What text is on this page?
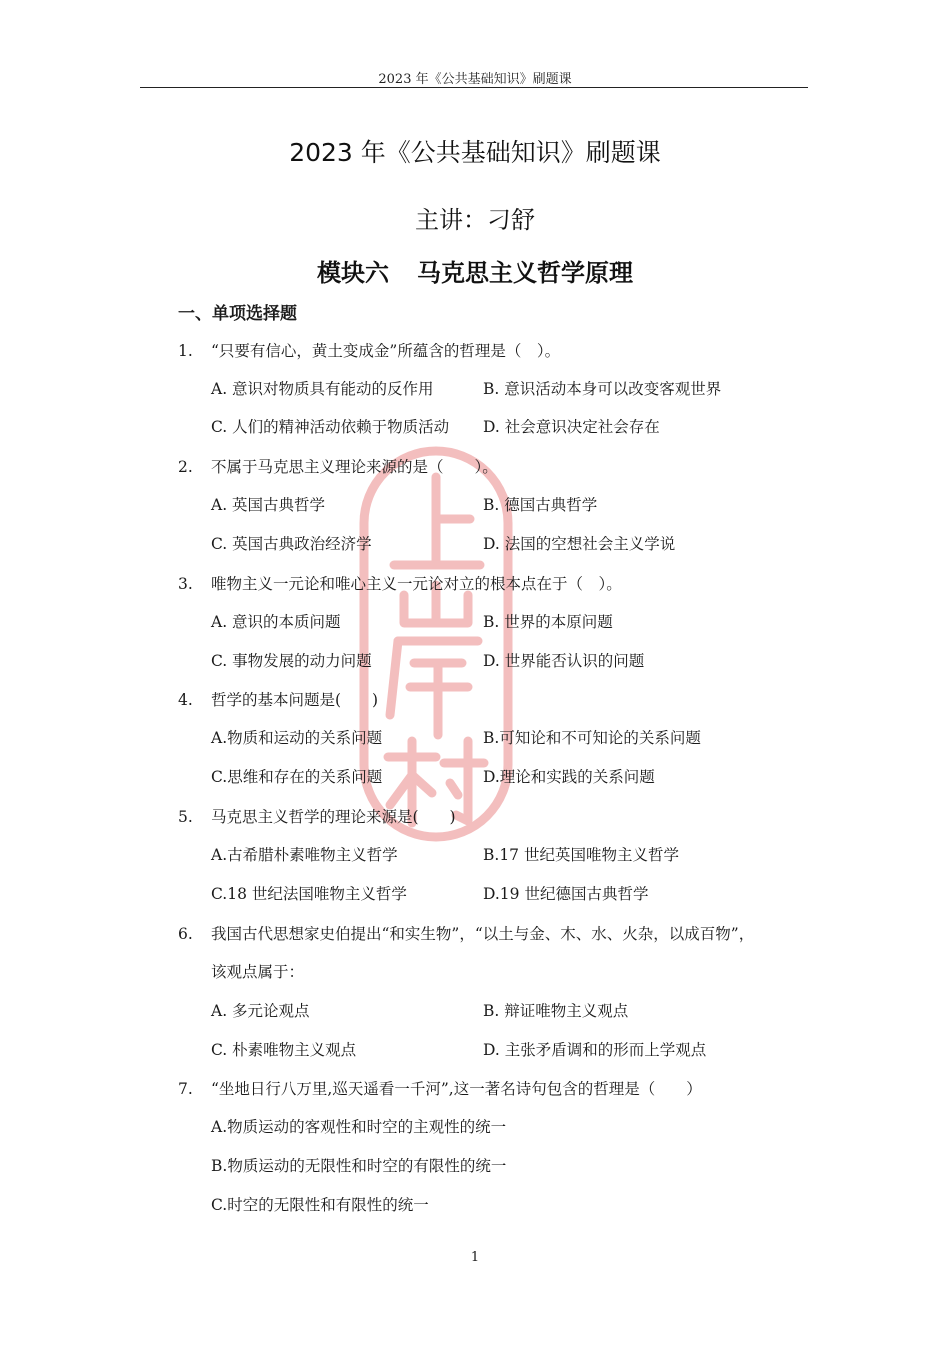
2023 年《公共基础知识》刷题课
2023 年《公共基础知识》刷题课
主讲：刁舒
模块六 马克思主义哲学原理
一、单项选择题
1. “只要有信心，黄土变成金”所蕴含的哲理是（　）。
A. 意识对物质具有能动的反作用	B. 意识活动本身可以改变客观世界
C. 人们的精神活动依赖于物质活动 D. 社会意识决定社会存在
2. 不属于马克思主义理论来源的是（　　）。
A. 英国古典哲学	B. 德国古典哲学
C. 英国古典政治经济学	D. 法国的空想社会主义学说
3. 唯物主义一元论和唯心主义一元论对立的根本点在于（　）。
A. 意识的本质问题	B. 世界的本原问题
C. 事物发展的动力问题	D. 世界能否认识的问题
4. 哲学的基本问题是(　　)
A.物质和运动的关系问题	B.可知论和不可知论的关系问题
C.思维和存在的关系问题	D.理论和实践的关系问题
5. 马克思主义哲学的理论来源是(　　)
A.古希腊朴素唯物主义哲学	B.17 世纪英国唯物主义哲学
C.18 世纪法国唯物主义哲学	D.19 世纪德国古典哲学
6. 我国古代思想家史伯提出“和实生物”，“以土与金、木、水、火杂，以成百物”，
该观点属于：
A. 多元论观点	B. 辩证唯物主义观点
C. 朴素唯物主义观点	D. 主张矛盾调和的形而上学观点
7. “坐地日行八万里,巡天遥看一千河”,这一著名诗句包含的哲理是（　　）
A.物质运动的客观性和时空的主观性的统一
B.物质运动的无限性和时空的有限性的统一
C.时空的无限性和有限性的统一
1
